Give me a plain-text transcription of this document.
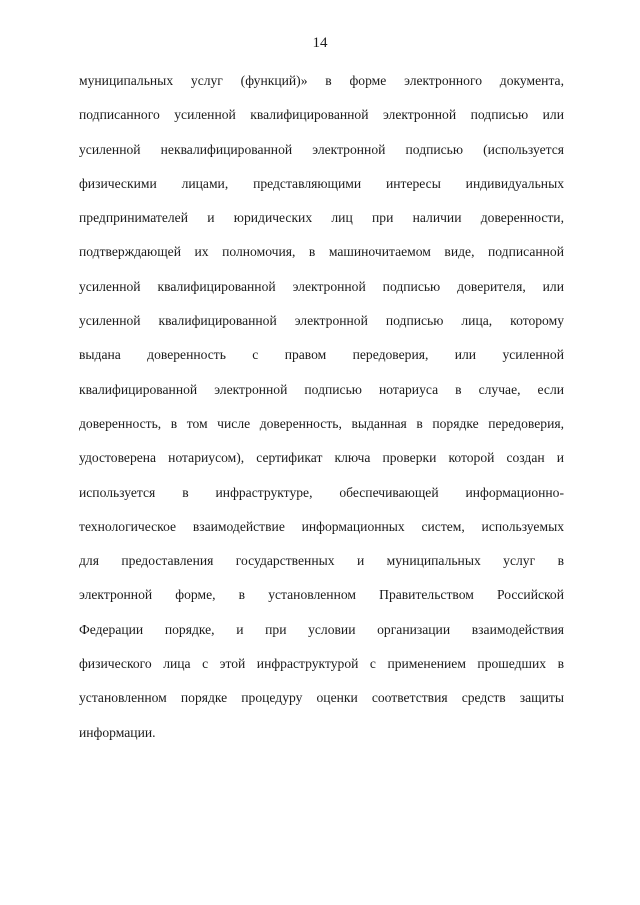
14
муниципальных услуг (функций)» в форме электронного документа,
подписанного усиленной квалифицированной электронной подписью или
усиленной неквалифицированной электронной подписью (используется
физическими лицами, представляющими интересы индивидуальных
предпринимателей и юридических лиц при наличии доверенности,
подтверждающей их полномочия, в машиночитаемом виде, подписанной
усиленной квалифицированной электронной подписью доверителя, или
усиленной квалифицированной электронной подписью лица, которому
выдана доверенность с правом передоверия, или усиленной
квалифицированной электронной подписью нотариуса в случае, если
доверенность, в том числе доверенность, выданная в порядке передоверия,
удостоверена нотариусом), сертификат ключа проверки которой создан и
используется в инфраструктуре, обеспечивающей информационно-
технологическое взаимодействие информационных систем, используемых
для предоставления государственных и муниципальных услуг в
электронной форме, в установленном Правительством Российской
Федерации порядке, и при условии организации взаимодействия
физического лица с этой инфраструктурой с применением прошедших в
установленном порядке процедуру оценки соответствия средств защиты
информации.
